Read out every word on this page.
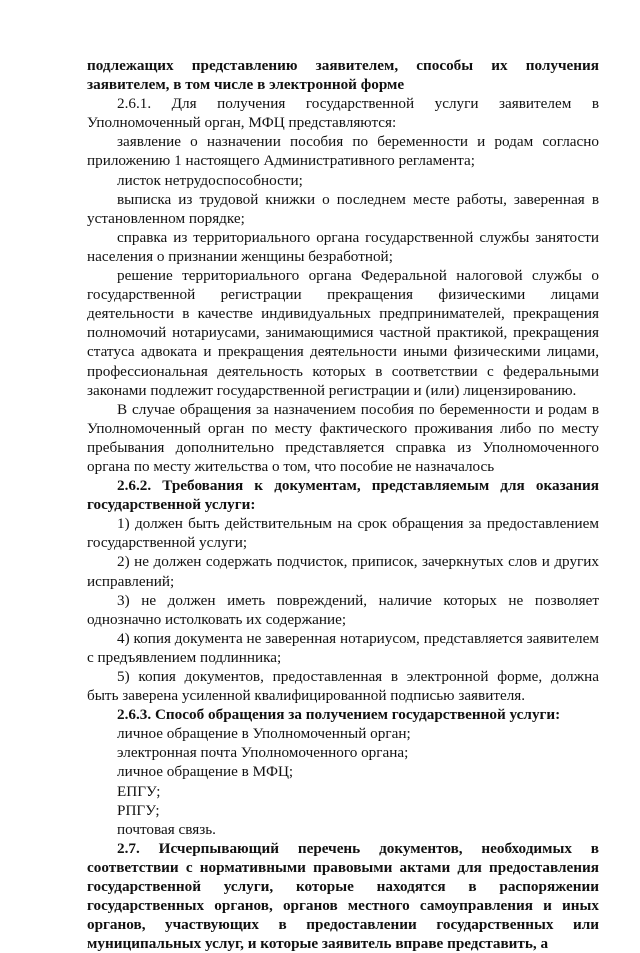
подлежащих представлению заявителем, способы их получения

заявителем, в том числе в электронной форме

2.6.1. Для получения государственной услуги заявителем в

Уполномоченный орган, МФЦ представляются:

заявление о назначении пособия по беременности и родам согласно приложению 1 настоящего Административного регламента;

листок нетрудоспособности;

выписка из трудовой книжки о последнем месте работы, заверенная в установленном порядке;

справка из территориального органа государственной службы занятости населения о признании женщины безработной;

решение территориального органа Федеральной налоговой службы о государственной регистрации прекращения физическими лицами деятельности в качестве индивидуальных предпринимателей, прекращения полномочий нотариусами, занимающимися частной практикой, прекращения статуса адвоката и прекращения деятельности иными физическими лицами, профессиональная деятельность которых в соответствии с федеральными законами подлежит государственной регистрации и (или) лицензированию.

В случае обращения за назначением пособия по беременности и родам в Уполномоченный орган по месту фактического проживания либо по месту пребывания дополнительно представляется справка из Уполномоченного органа по месту жительства о том, что пособие не назначалось

2.6.2. Требования к документам, представляемым для оказания государственной услуги:

1) должен быть действительным на срок обращения за предоставлением государственной услуги;

2) не должен содержать подчисток, приписок, зачеркнутых слов и других исправлений;

3) не должен иметь повреждений, наличие которых не позволяет однозначно истолковать их содержание;

4) копия документа не заверенная нотариусом, представляется заявителем с предъявлением подлинника;

5) копия документов, предоставленная в электронной форме, должна быть заверена усиленной квалифицированной подписью заявителя.

2.6.3. Способ обращения за получением государственной услуги:

личное обращение в Уполномоченный орган;

электронная почта Уполномоченного органа;

личное обращение в МФЦ;

ЕПГУ;

РПГУ;

почтовая связь.

2.7. Исчерпывающий перечень документов, необходимых в соответствии с нормативными правовыми актами для предоставления государственной услуги, которые находятся в распоряжении государственных органов, органов местного самоуправления и иных органов, участвующих в предоставлении государственных или муниципальных услуг, и которые заявитель вправе представить, а
